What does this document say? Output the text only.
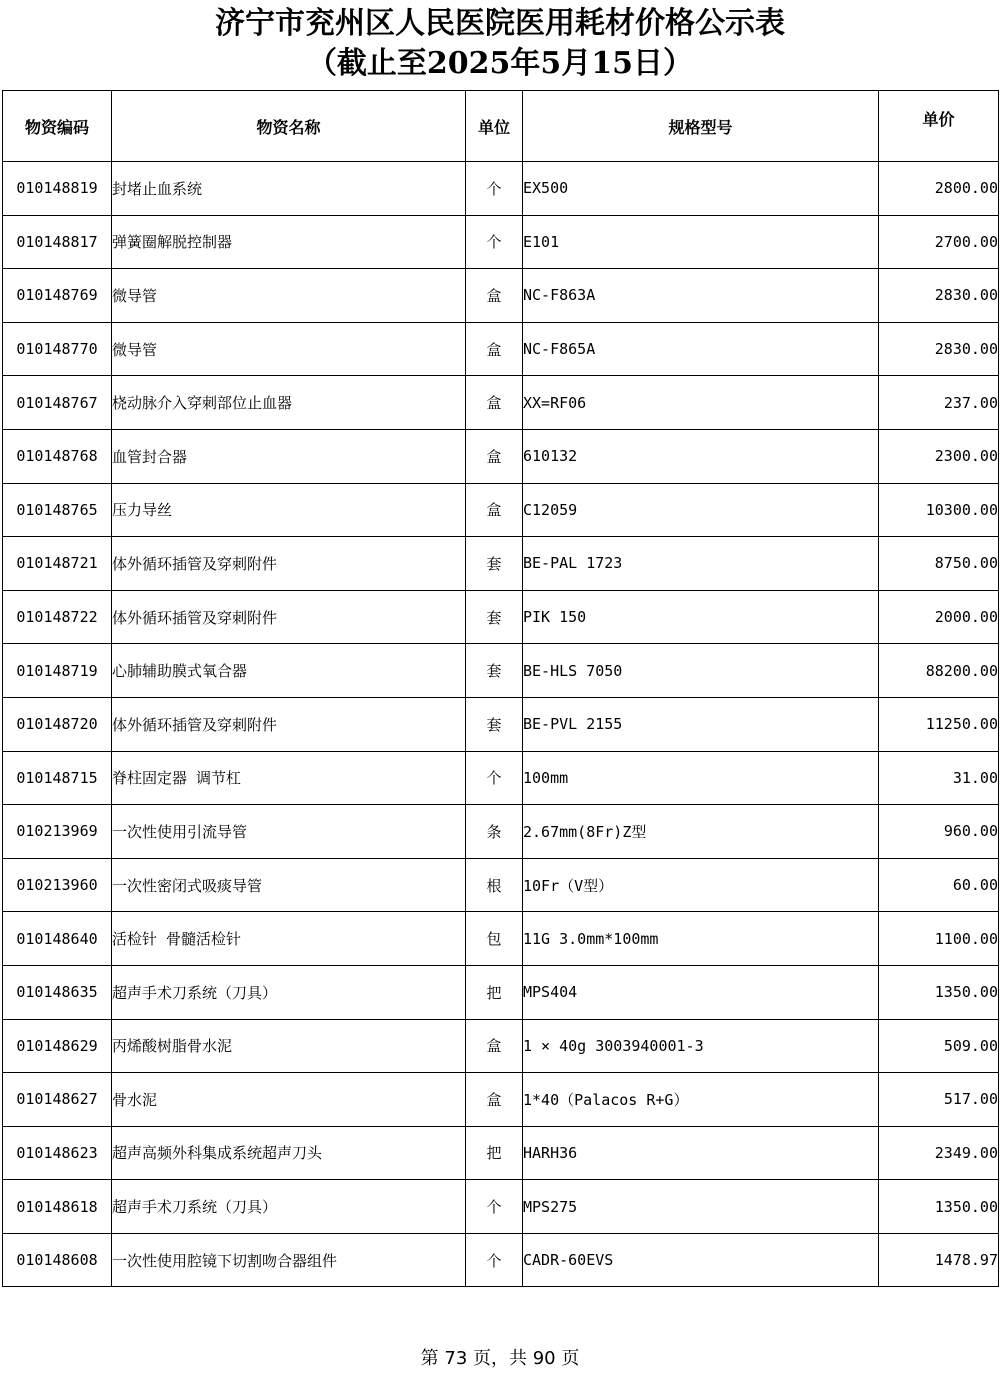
济宁市兖州区人民医院医用耗材价格公示表
（截止至2025年5月15日）
物资编码	物资名称	单位	规格型号	单价
010148819	封堵止血系统	个	EX500	2800.00
010148817	弹簧圈解脱控制器	个	E101	2700.00
010148769	微导管	盒	NC-F863A	2830.00
010148770	微导管	盒	NC-F865A	2830.00
010148767	桡动脉介入穿刺部位止血器	盒	XX=RF06	237.00
010148768	血管封合器	盒	610132	2300.00
010148765	压力导丝	盒	C12059	10300.00
010148721	体外循环插管及穿刺附件	套	BE-PAL 1723	8750.00
010148722	体外循环插管及穿刺附件	套	PIK 150	2000.00
010148719	心肺辅助膜式氧合器	套	BE-HLS 7050	88200.00
010148720	体外循环插管及穿刺附件	套	BE-PVL 2155	11250.00
010148715	脊柱固定器 调节杠	个	100mm	31.00
010213969	一次性使用引流导管	条	2.67mm(8Fr)Z型	960.00
010213960	一次性密闭式吸痰导管	根	10Fr（V型）	60.00
010148640	活检针 骨髓活检针	包	11G 3.0mm*100mm	1100.00
010148635	超声手术刀系统（刀具）	把	MPS404	1350.00
010148629	丙烯酸树脂骨水泥	盒	1 × 40g 3003940001-3	509.00
010148627	骨水泥	盒	1*40（Palacos R+G）	517.00
010148623	超声高频外科集成系统超声刀头	把	HARH36	2349.00
010148618	超声手术刀系统（刀具）	个	MPS275	1350.00
010148608	一次性使用腔镜下切割吻合器组件	个	CADR-60EVS	1478.97
第 73 页，共 90 页
